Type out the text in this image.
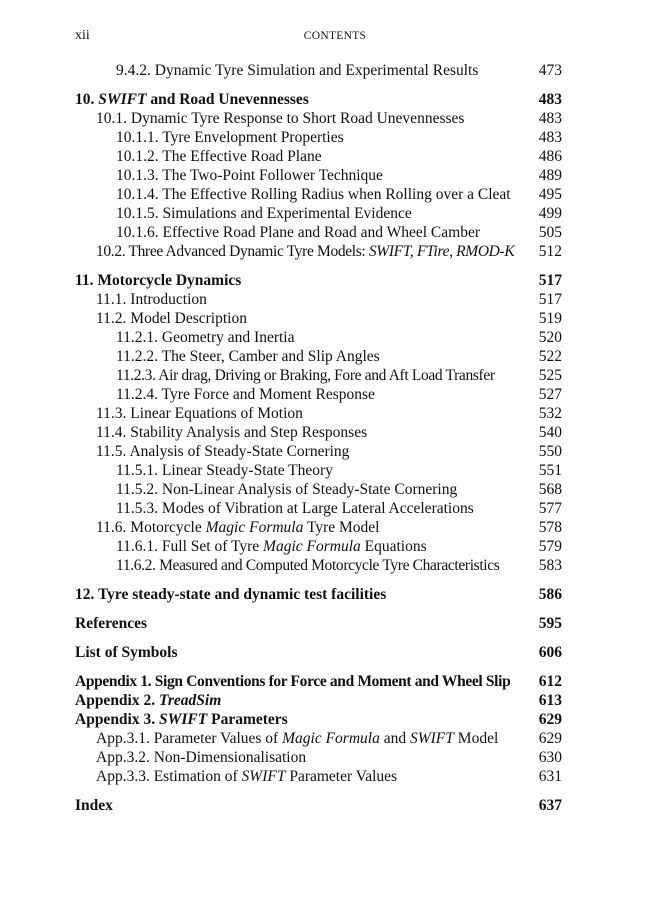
xii	CONTENTS
9.4.2. Dynamic Tyre Simulation and Experimental Results	473
10. SWIFT and Road Unevennesses	483
10.1. Dynamic Tyre Response to Short Road Unevennesses	483
10.1.1. Tyre Envelopment Properties	483
10.1.2. The Effective Road Plane	486
10.1.3. The Two-Point Follower Technique	489
10.1.4. The Effective Rolling Radius when Rolling over a Cleat 495
10.1.5. Simulations and Experimental Evidence	499
10.1.6. Effective Road Plane and Road and Wheel Camber	505
10.2. Three Advanced Dynamic Tyre Models: SWIFT, FTire, RMOD-K 512
11. Motorcycle Dynamics	517
11.1. Introduction	517
11.2. Model Description	519
11.2.1. Geometry and Inertia	520
11.2.2. The Steer, Camber and Slip Angles	522
11.2.3. Air drag, Driving or Braking, Fore and Aft Load Transfer	525
11.2.4. Tyre Force and Moment Response	527
11.3. Linear Equations of Motion	532
11.4. Stability Analysis and Step Responses	540
11.5. Analysis of Steady-State Cornering	550
11.5.1. Linear Steady-State Theory	551
11.5.2. Non-Linear Analysis of Steady-State Cornering	568
11.5.3. Modes of Vibration at Large Lateral Accelerations	577
11.6. Motorcycle Magic Formula Tyre Model	578
11.6.1. Full Set of Tyre Magic Formula Equations	579
11.6.2. Measured and Computed Motorcycle Tyre Characteristics	583
12. Tyre steady-state and dynamic test facilities	586
References	595
List of Symbols	606
Appendix 1. Sign Conventions for Force and Moment and Wheel Slip 612
Appendix 2. TreadSim	613
Appendix 3. SWIFT Parameters	629
App.3.1. Parameter Values of Magic Formula and SWIFT Model	629
App.3.2. Non-Dimensionalisation	630
App.3.3. Estimation of SWIFT Parameter Values	631
Index	637
